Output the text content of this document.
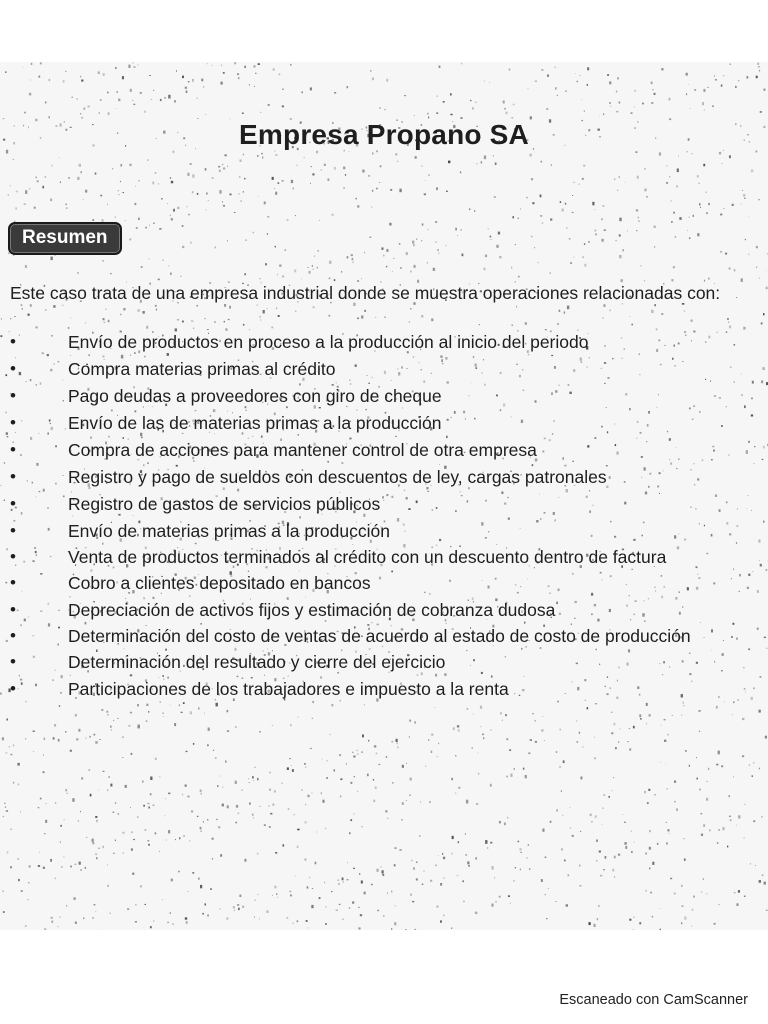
Empresa Propano SA
Resumen
Este caso trata de una empresa industrial donde se muestra operaciones relacionadas con:
•	Envío de productos en proceso a la producción al inicio del periodo
•	Compra materias primas al crédito
•	Pago deudas a proveedores con giro de cheque
•	Envío de las de materias primas a la producción
•	Compra de acciones para mantener control de otra empresa
•	Registro y pago de sueldos con descuentos de ley, cargas patronales
•	Registro de gastos de servicios públicos
•	Envío de materias primas a la producción
•	Venta de productos terminados al crédito con un descuento dentro de factura
•	Cobro a clientes depositado en bancos
•	Depreciación de activos fijos y estimación de cobranza dudosa
•	Determinación del costo de ventas de acuerdo al estado de costo de producción
•	Determinación del resultado y cierre del ejercicio
•	Participaciones de los trabajadores e impuesto a la renta
Escaneado con CamScanner
